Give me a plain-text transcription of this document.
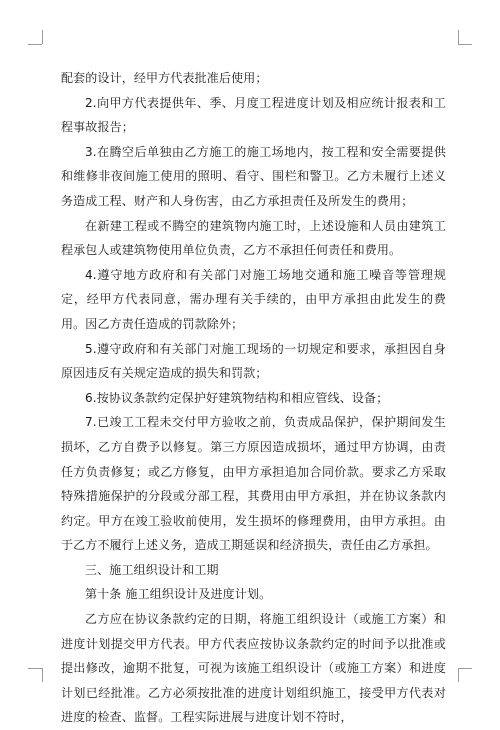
配套的设计，经甲方代表批准后使用；

2.向甲方代表提供年、季、月度工程进度计划及相应统计报表和工程事故报告；

3.在腾空后单独由乙方施工的施工场地内，按工程和安全需要提供和维修非夜间施工使用的照明、看守、围栏和警卫。乙方未履行上述义务造成工程、财产和人身伤害，由乙方承担责任及所发生的费用；

在新建工程或不腾空的建筑物内施工时，上述设施和人员由建筑工程承包人或建筑物使用单位负责，乙方不承担任何责任和费用。

4.遵守地方政府和有关部门对施工场地交通和施工噪音等管理规定，经甲方代表同意，需办理有关手续的，由甲方承担由此发生的费用。因乙方责任造成的罚款除外；

5.遵守政府和有关部门对施工现场的一切规定和要求，承担因自身原因违反有关规定造成的损失和罚款；

6.按协议条款约定保护好建筑物结构和相应管线、设备；

7.已竣工工程未交付甲方验收之前，负责成品保护，保护期间发生损坏，乙方自费予以修复。第三方原因造成损坏，通过甲方协调，由责任方负责修复；或乙方修复，由甲方承担追加合同价款。要求乙方采取特殊措施保护的分段或分部工程，其费用由甲方承担，并在协议条款内约定。甲方在竣工验收前使用，发生损坏的修理费用，由甲方承担。由于乙方不履行上述义务，造成工期延误和经济损失，责任由乙方承担。

三、施工组织设计和工期

第十条 施工组织设计及进度计划。

乙方应在协议条款约定的日期，将施工组织设计（或施工方案）和进度计划提交甲方代表。甲方代表应按协议条款约定的时间予以批准或提出修改，逾期不批复，可视为该施工组织设计（或施工方案）和进度计划已经批准。乙方必须按批准的进度计划组织施工，接受甲方代表对进度的检查、监督。工程实际进展与进度计划不符时，
